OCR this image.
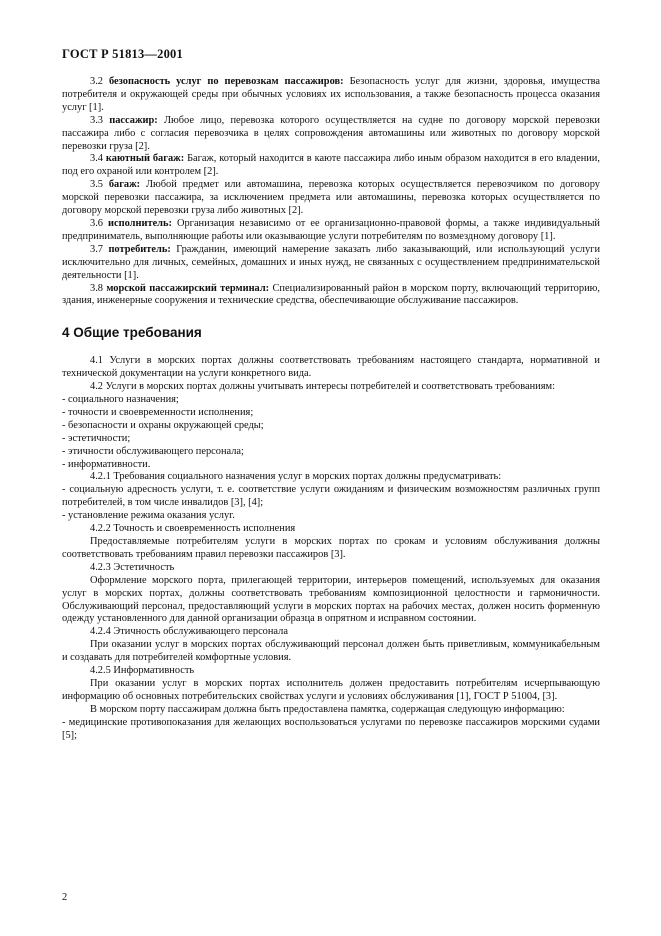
ГОСТ Р 51813—2001

3.2 безопасность услуг по перевозкам пассажиров: Безопасность услуг для жизни, здоровья, имущества потребителя и окружающей среды при обычных условиях их использования, а также безопасность процесса оказания услуг [1].

3.3 пассажир: Любое лицо, перевозка которого осуществляется на судне по договору морской перевозки пассажира либо с согласия перевозчика в целях сопровождения автомашины или животных по договору морской перевозки груза [2].

3.4 каютный багаж: Багаж, который находится в каюте пассажира либо иным образом находится в его владении, под его охраной или контролем [2].

3.5 багаж: Любой предмет или автомашина, перевозка которых осуществляется перевозчиком по договору морской перевозки пассажира, за исключением предмета или автомашины, перевозка которых осуществляется по договору морской перевозки груза либо животных [2].

3.6 исполнитель: Организация независимо от ее организационно-правовой формы, а также индивидуальный предприниматель, выполняющие работы или оказывающие услуги потребителям по возмездному договору [1].

3.7 потребитель: Гражданин, имеющий намерение заказать либо заказывающий, или использующий услуги исключительно для личных, семейных, домашних и иных нужд, не связанных с осуществлением предпринимательской деятельности [1].

3.8 морской пассажирский терминал: Специализированный район в морском порту, включающий территорию, здания, инженерные сооружения и технические средства, обеспечивающие обслуживание пассажиров.

4 Общие требования

4.1 Услуги в морских портах должны соответствовать требованиям настоящего стандарта, нормативной и технической документации на услуги конкретного вида.

4.2 Услуги в морских портах должны учитывать интересы потребителей и соответствовать требованиям:

- социального назначения;

- точности и своевременности исполнения;

- безопасности и охраны окружающей среды;

- эстетичности;

- этичности обслуживающего персонала;

- информативности.

4.2.1 Требования социального назначения услуг в морских портах должны предусматривать:

- социальную адресность услуги, т. е. соответствие услуги ожиданиям и физическим возможностям различных групп потребителей, в том числе инвалидов [3], [4];

- установление режима оказания услуг.

4.2.2 Точность и своевременность исполнения

Предоставляемые потребителям услуги в морских портах по срокам и условиям обслуживания должны соответствовать требованиям правил перевозки пассажиров [3].

4.2.3 Эстетичность

Оформление морского порта, прилегающей территории, интерьеров помещений, используемых для оказания услуг в морских портах, должны соответствовать требованиям композиционной целостности и гармоничности. Обслуживающий персонал, предоставляющий услуги в морских портах на рабочих местах, должен носить форменную одежду установленного для данной организации образца в опрятном и исправном состоянии.

4.2.4 Этичность обслуживающего персонала

При оказании услуг в морских портах обслуживающий персонал должен быть приветливым, коммуникабельным и создавать для потребителей комфортные условия.

4.2.5 Информативность

При оказании услуг в морских портах исполнитель должен предоставить потребителям исчерпывающую информацию об основных потребительских свойствах услуги и условиях обслуживания [1], ГОСТ Р 51004, [3].

В морском порту пассажирам должна быть предоставлена памятка, содержащая следующую информацию:

- медицинские противопоказания для желающих воспользоваться услугами по перевозке пассажиров морскими судами [5];

2
